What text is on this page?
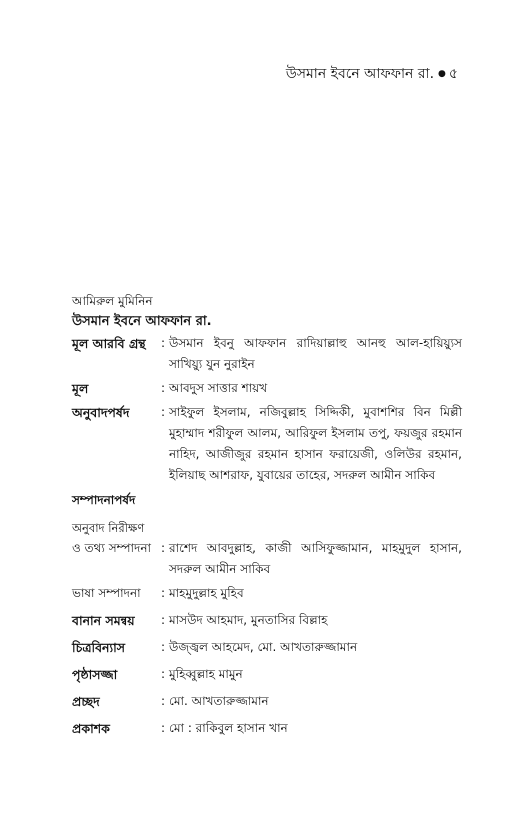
উসমান ইবনে আফফান রা. ● ৫
আমিরুল মুমিনিন
উসমান ইবনে আফফান রা.
মূল আরবি গ্রন্থ	: উসমান ইবনু আফফান রাদিয়াল্লাহু আনহু আল-হায়িয়্যুস সাখিয়্যু যুন নুরাইন
মূল	: আবদুস সাত্তার শায়খ
অনুবাদপর্ষদ	: সাইফুল ইসলাম, নজিবুল্লাহ সিদ্দিকী, মুবাশশির বিন মিল্লী মুহাম্মাদ শরীফুল আলম, আরিফুল ইসলাম তপু, ফয়জুর রহমান নাহিদ, আজীজুর রহমান হাসান ফরায়েজী, ওলিউর রহমান, ইলিয়াছ আশরাফ, যুবায়ের তাহের, সদরুল আমীন সাকিব
সম্পাদনাপর্ষদ
অনুবাদ নিরীক্ষণ
ও তথ্য সম্পাদনা : রাশেদ আবদুল্লাহ, কাজী আসিফুজ্জামান, মাহমুদুল হাসান, সদরুল আমীন সাকিব
ভাষা সম্পাদনা	: মাহমুদুল্লাহ মুহিব
বানান সমন্বয়	: মাসউদ আহমাদ, মুনতাসির বিল্লাহ
চিত্রবিন্যাস	: উজ্জ্বল আহমেদ, মো. আখতারুজ্জামান
পৃষ্ঠাসজ্জা	: মুহিব্বুল্লাহ মামুন
প্রচ্ছদ	: মো. আখতারুজ্জামান
প্রকাশক	: মো : রাকিবুল হাসান খান
